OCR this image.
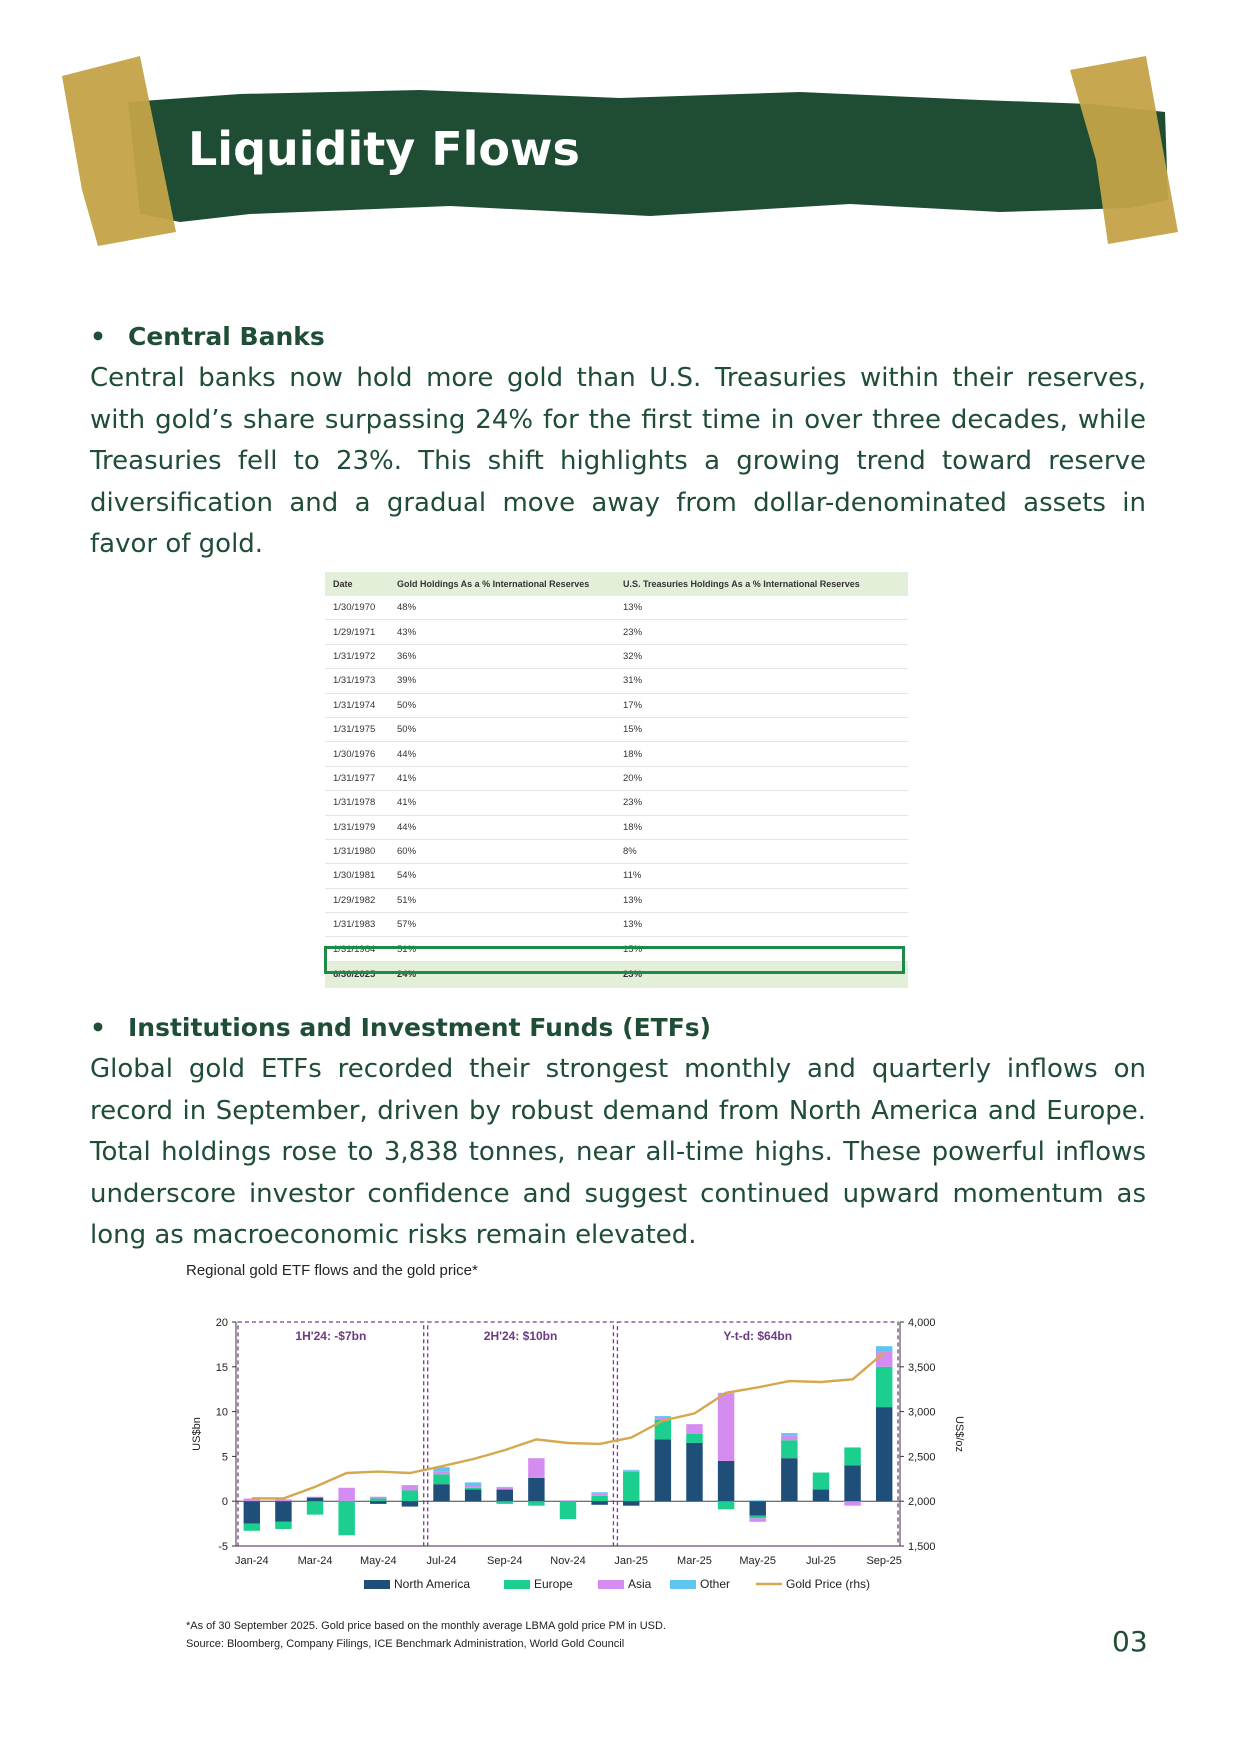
Liquidity Flows
• Central Banks

Central banks now hold more gold than U.S. Treasuries within their reserves, with gold’s share surpassing 24% for the first time in over three decades, while Treasuries fell to 23%. This shift highlights a growing trend toward reserve diversification and a gradual move away from dollar-denominated assets in favor of gold.

Date	Gold Holdings As a % International Reserves	U.S. Treasuries Holdings As a % International Reserves
1/30/1970	48%	13%
1/29/1971	43%	23%
1/31/1972	36%	32%
1/31/1973	39%	31%
1/31/1974	50%	17%
1/31/1975	50%	15%
1/30/1976	44%	18%
1/31/1977	41%	20%
1/31/1978	41%	23%
1/31/1979	44%	18%
1/31/1980	60%	8%
1/30/1981	54%	11%
1/29/1982	51%	13%
1/31/1983	57%	13%
1/31/1984	51%	15%
6/30/2025	24%	23%
• Institutions and Investment Funds (ETFs)

Global gold ETFs recorded their strongest monthly and quarterly inflows on record in September, driven by robust demand from North America and Europe. Total holdings rose to 3,838 tonnes, near all-time highs. These powerful inflows underscore investor confidence and suggest continued upward momentum as long as macroeconomic risks remain elevated.

Regional gold ETF flows and the gold price*
20
15
10
5
0
-5
4,000
3,500
3,000
2,500
2,000
1,500
US$bn	US$/oz
1H'24: -$7bn	2H'24: $10bn	Y-t-d: $64bn
Jan-24	Mar-24 May-24	Jul-24	Sep-24	Nov-24	Jan-25	Mar-25 May-25	Jul-25	Sep-25
North America	Europe	Asia	Other	Gold Price (rhs)
*As of 30 September 2025. Gold price based on the monthly average LBMA gold price PM in USD.
Source: Bloomberg, Company Filings, ICE Benchmark Administration, World Gold Council	03
